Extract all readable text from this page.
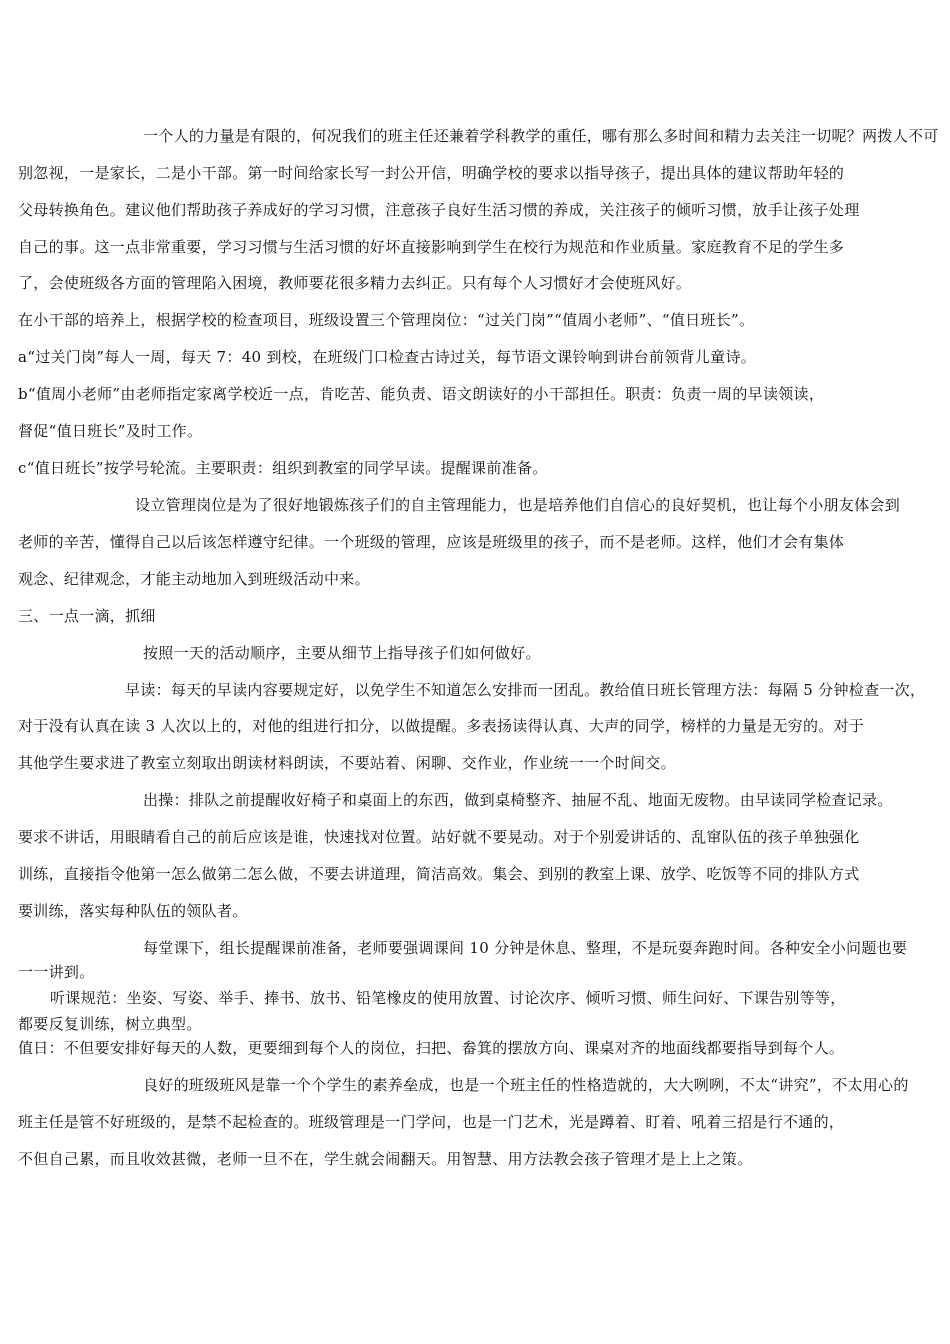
一个人的力量是有限的，何况我们的班主任还兼着学科教学的重任，哪有那么多时间和精力去关注一切呢？两拨人不可
别忽视，一是家长，二是小干部。第一时间给家长写一封公开信，明确学校的要求以指导孩子，提出具体的建议帮助年轻的
父母转换角色。建议他们帮助孩子养成好的学习习惯，注意孩子良好生活习惯的养成，关注孩子的倾听习惯，放手让孩子处理
自己的事。这一点非常重要，学习习惯与生活习惯的好坏直接影响到学生在校行为规范和作业质量。家庭教育不足的学生多
了，会使班级各方面的管理陷入困境，教师要花很多精力去纠正。只有每个人习惯好才会使班风好。
在小干部的培养上，根据学校的检查项目，班级设置三个管理岗位：“过关门岗”“值周小老师”、“值日班长”。
a“过关门岗”每人一周，每天 7：40 到校，在班级门口检查古诗过关，每节语文课铃响到讲台前领背儿童诗。
b“值周小老师”由老师指定家离学校近一点，肯吃苦、能负责、语文朗读好的小干部担任。职责：负责一周的早读领读，
督促“值日班长”及时工作。
c“值日班长”按学号轮流。主要职责：组织到教室的同学早读。提醒课前准备。
设立管理岗位是为了很好地锻炼孩子们的自主管理能力，也是培养他们自信心的良好契机，也让每个小朋友体会到
老师的辛苦，懂得自己以后该怎样遵守纪律。一个班级的管理，应该是班级里的孩子，而不是老师。这样，他们才会有集体
观念、纪律观念，才能主动地加入到班级活动中来。
三、一点一滴，抓细
按照一天的活动顺序，主要从细节上指导孩子们如何做好。
早读：每天的早读内容要规定好，以免学生不知道怎么安排而一团乱。教给值日班长管理方法：每隔 5 分钟检查一次，
对于没有认真在读 3 人次以上的，对他的组进行扣分，以做提醒。多表扬读得认真、大声的同学，榜样的力量是无穷的。对于
其他学生要求进了教室立刻取出朗读材料朗读，不要站着、闲聊、交作业，作业统一一个时间交。
出操：排队之前提醒收好椅子和桌面上的东西，做到桌椅整齐、抽屉不乱、地面无废物。由早读同学检查记录。
要求不讲话，用眼睛看自己的前后应该是谁，快速找对位置。站好就不要晃动。对于个别爱讲话的、乱窜队伍的孩子单独强化
训练，直接指令他第一怎么做第二怎么做，不要去讲道理，简洁高效。集会、到别的教室上课、放学、吃饭等不同的排队方式
要训练，落实每种队伍的领队者。
每堂课下，组长提醒课前准备，老师要强调课间 10 分钟是休息、整理，不是玩耍奔跑时间。各种安全小问题也要
一一讲到。
听课规范：坐姿、写姿、举手、捧书、放书、铅笔橡皮的使用放置、讨论次序、倾听习惯、师生问好、下课告别等等，
都要反复训练，树立典型。
值日：不但要安排好每天的人数，更要细到每个人的岗位，扫把、畚箕的摆放方向、课桌对齐的地面线都要指导到每个人。
良好的班级班风是靠一个个学生的素养垒成，也是一个班主任的性格造就的，大大咧咧，不太“讲究”，不太用心的
班主任是管不好班级的，是禁不起检查的。班级管理是一门学问，也是一门艺术，光是蹲着、盯着、吼着三招是行不通的，
不但自己累，而且收效甚微，老师一旦不在，学生就会闹翻天。用智慧、用方法教会孩子管理才是上上之策。
